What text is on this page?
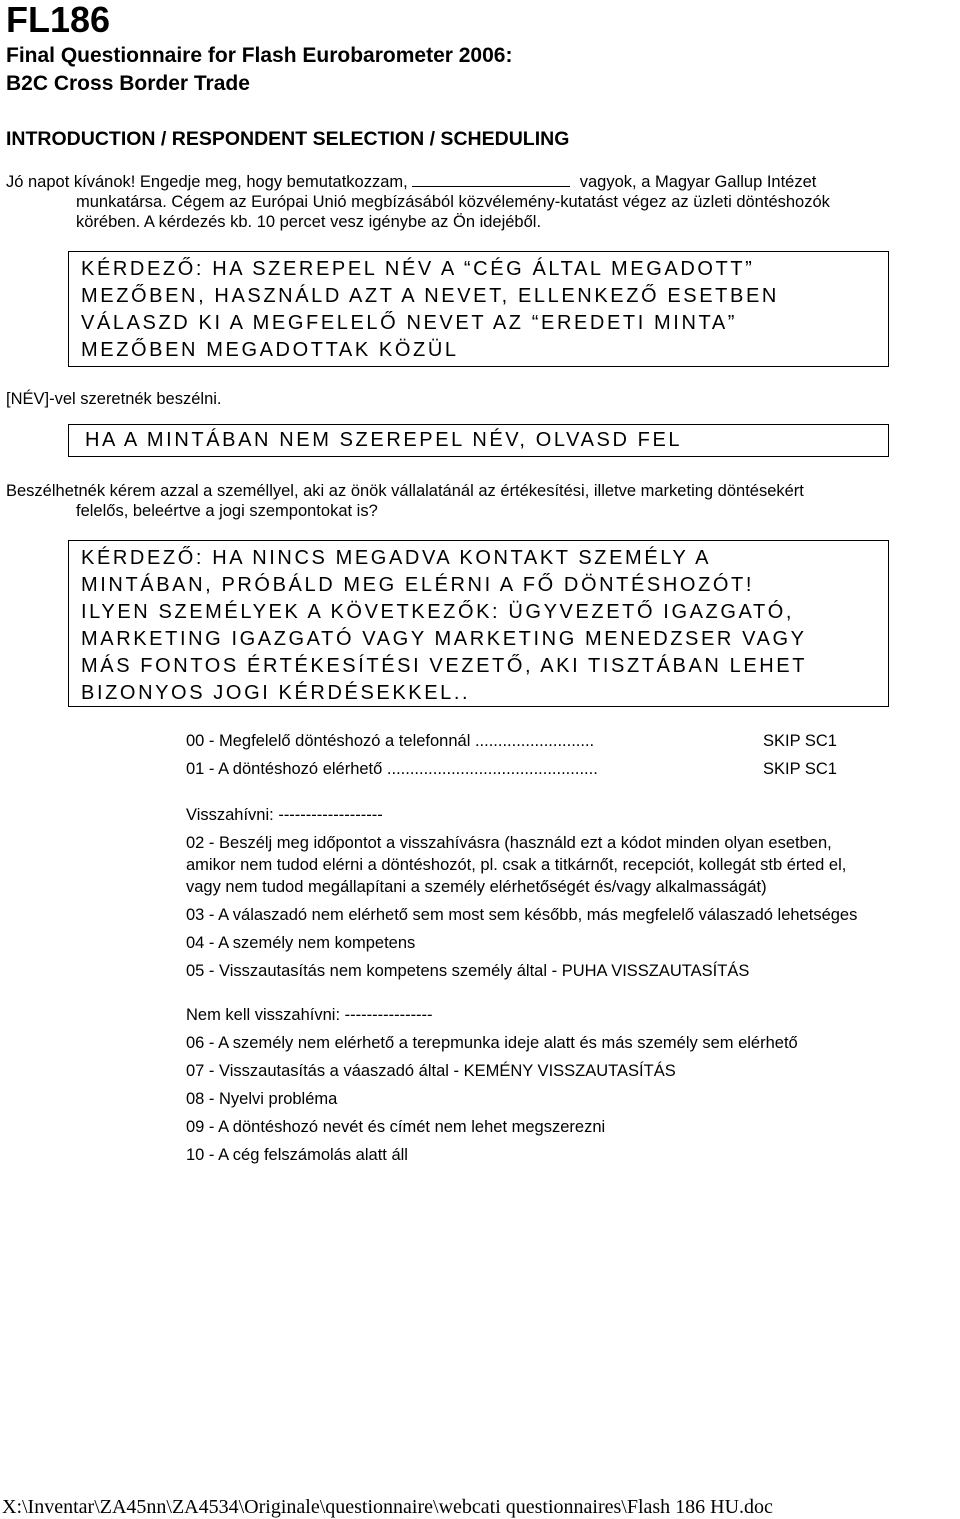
FL186
Final Questionnaire for Flash Eurobarometer 2006:
B2C Cross Border Trade
INTRODUCTION / RESPONDENT SELECTION / SCHEDULING
Jó napot kívánok! Engedje meg, hogy bemutatkozzam,	vagyok, a Magyar Gallup Intézet
munkatársa. Cégem az Európai Unió megbízásából közvélemény-kutatást végez az üzleti döntéshozók
körében. A kérdezés kb. 10 percet vesz igénybe az Ön idejéből.
KÉRDEZŐ: HA SZEREPEL NÉV A “CÉG ÁLTAL MEGADOTT”
MEZŐBEN, HASZNÁLD AZT A NEVET, ELLENKEZŐ ESETBEN
VÁLASZD KI A MEGFELELŐ NEVET AZ “EREDETI MINTA”
MEZŐBEN MEGADOTTAK KÖZÜL
[NÉV]-vel szeretnék beszélni.
HA A MINTÁBAN NEM SZEREPEL NÉV, OLVASD FEL
Beszélhetnék kérem azzal a személlyel, aki az önök vállalatánál az értékesítési, illetve marketing döntésekért
felelős, beleértve a jogi szempontokat is?
KÉRDEZŐ: HA NINCS MEGADVA KONTAKT SZEMÉLY A
MINTÁBAN, PRÓBÁLD MEG ELÉRNI A FŐ DÖNTÉSHOZÓT!
ILYEN SZEMÉLYEK A KÖVETKEZŐK: ÜGYVEZETŐ IGAZGATÓ,
MARKETING IGAZGATÓ VAGY MARKETING MENEDZSER VAGY
MÁS FONTOS ÉRTÉKESÍTÉSI VEZETŐ, AKI TISZTÁBAN LEHET
BIZONYOS JOGI KÉRDÉSEKKEL..
00 - Megfelelő döntéshozó a telefonnál ..........................	SKIP SC1
01 - A döntéshozó elérhető ..............................................	SKIP SC1
Visszahívni: -------------------
02 - Beszélj meg időpontot a visszahívásra (használd ezt a kódot minden olyan esetben,
amikor nem tudod elérni a döntéshozót, pl. csak a titkárnőt, recepciót, kollegát stb érted el,
vagy nem tudod megállapítani a személy elérhetőségét és/vagy alkalmasságát)
03 - A válaszadó nem elérhető sem most sem később, más megfelelő válaszadó lehetséges
04 - A személy nem kompetens
05 - Visszautasítás nem kompetens személy által - PUHA VISSZAUTASÍTÁS
Nem kell visszahívni: ----------------
06 - A személy nem elérhető a terepmunka ideje alatt és más személy sem elérhető
07 - Visszautasítás a váaszadó által - KEMÉNY VISSZAUTASÍTÁS
08 - Nyelvi probléma
09 - A döntéshozó nevét és címét nem lehet megszerezni
10 - A cég felszámolás alatt áll
X:\Inventar\ZA45nn\ZA4534\Originale\questionnaire\webcati questionnaires\Flash 186 HU.doc
